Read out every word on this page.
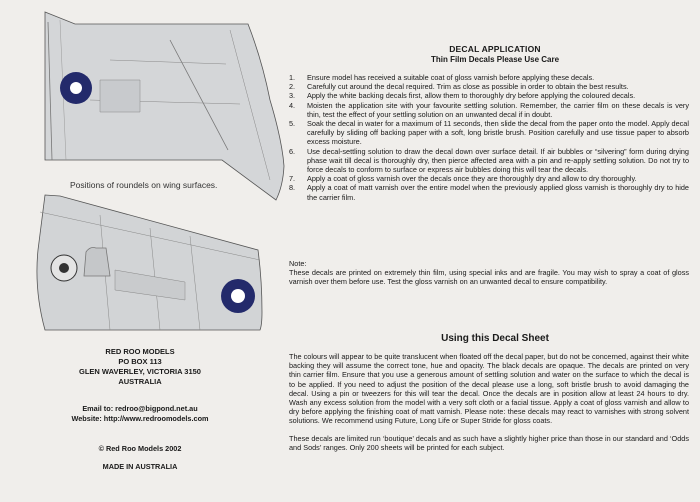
Positions of roundels on wing surfaces.
DECAL APPLICATION
Thin Film Decals Please Use Care
1.	Ensure model has received a suitable coat of gloss varnish before applying these decals.
2.	Carefully cut around the decal required. Trim as close as possible in order to obtain the best results.
3.	Apply the white backing decals first, allow them to thoroughly dry before applying the coloured decals.
4.	Moisten the application site with your favourite settling solution. Remember, the carrier film on these decals is very thin, test the effect of your settling solution on an unwanted decal if in doubt.
5.	Soak the decal in water for a maximum of 11 seconds, then slide the decal from the paper onto the model. Apply decal carefully by sliding off backing paper with a soft, long bristle brush. Position carefully and use tissue paper to absorb excess moisture.
6.	Use decal-settling solution to draw the decal down over surface detail. If air bubbles or “silvering” form during drying phase wait till decal is thoroughly dry, then pierce affected area with a pin and re-apply settling solution. Do not try to force decals to conform to surface or express air bubbles doing this will tear the decals.
7.	Apply a coat of gloss varnish over the decals once they are thoroughly dry and allow to dry thoroughly.
8.	Apply a coat of matt varnish over the entire model when the previously applied gloss varnish is thoroughly dry to hide the carrier film.
Note:
These decals are printed on extremely thin film, using special inks and are fragile. You may wish to spray a coat of gloss varnish over them before use. Test the gloss varnish on an unwanted decal to ensure compatibility.
Using this Decal Sheet

The colours will appear to be quite translucent when floated off the decal paper, but do not be concerned, against their white backing they will assume the correct tone, hue and opacity. The black decals are opaque. The decals are printed on very thin carrier film. Ensure that you use a generous amount of settling solution and water on the surface to which the decal is to be applied. If you need to adjust the position of the decal please use a long, soft bristle brush to avoid damaging the decal. Using a pin or tweezers for this will tear the decal. Once the decals are in position allow at least 24 hours to dry. Wash any excess solution from the model with a very soft cloth or a facial tissue. Apply a coat of gloss varnish and allow to dry before applying the finishing coat of matt varnish. Please note: these decals may react to varnishes with strong solvent solutions. We recommend using Future, Long Life or Super Stride for gloss coats.

These decals are limited run ‘boutique’ decals and as such have a slightly higher price than those in our standard and ‘Odds and Sods’ ranges. Only 200 sheets will be printed for each subject.

RED ROO MODELS
PO BOX 113
GLEN WAVERLEY, VICTORIA 3150
AUSTRALIA
Email to: redroo@bigpond.net.au
Website: http://www.redroomodels.com
© Red Roo Models 2002
MADE IN AUSTRALIA
